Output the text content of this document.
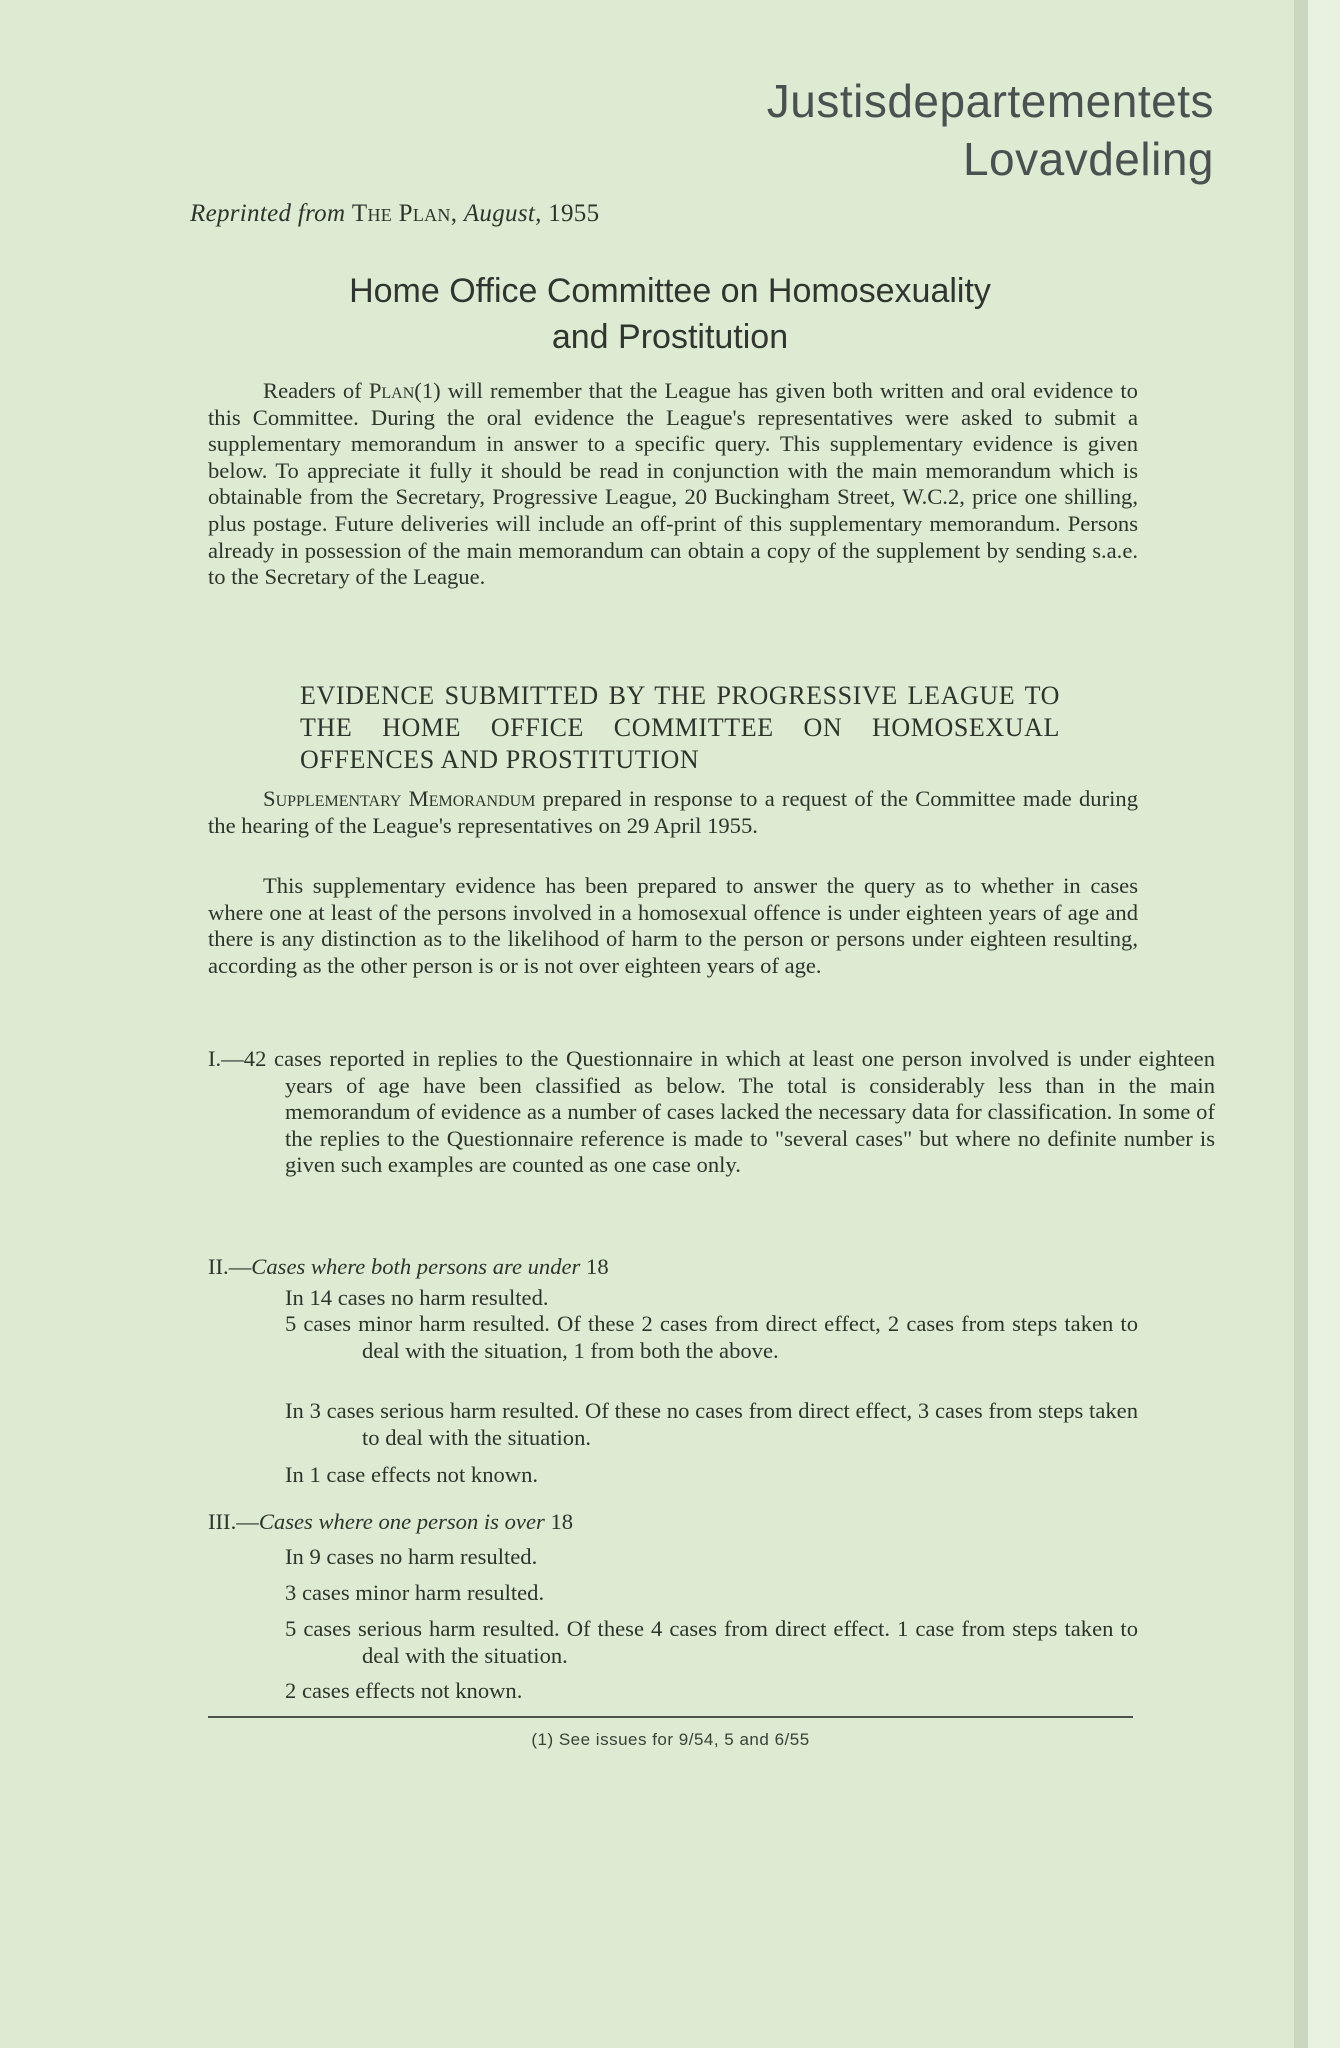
Justisdepartementets
Lovavdeling
Reprinted from The Plan, August, 1955
Home Office Committee on Homosexuality
and Prostitution

Readers of Plan(1) will remember that the League has given both written and oral evidence to this Committee. During the oral evidence the League's representatives were asked to submit a supplementary memorandum in answer to a specific query. This supplementary evidence is given below. To appreciate it fully it should be read in conjunction with the main memorandum which is obtainable from the Secretary, Progressive League, 20 Buckingham Street, W.C.2, price one shilling, plus postage. Future deliveries will include an off-print of this supplementary memorandum. Persons already in possession of the main memorandum can obtain a copy of the supplement by sending s.a.e. to the Secretary of the League.

EVIDENCE SUBMITTED BY THE PROGRESSIVE LEAGUE TO THE HOME OFFICE COMMITTEE ON HOMOSEXUAL OFFENCES AND PROSTITUTION

Supplementary Memorandum prepared in response to a request of the Committee made during the hearing of the League's representatives on 29 April 1955.

This supplementary evidence has been prepared to answer the query as to whether in cases where one at least of the persons involved in a homosexual offence is under eighteen years of age and there is any distinction as to the likelihood of harm to the person or persons under eighteen resulting, according as the other person is or is not over eighteen years of age.

I.—42 cases reported in replies to the Questionnaire in which at least one person involved is under eighteen years of age have been classified as below. The total is considerably less than in the main memorandum of evidence as a number of cases lacked the necessary data for classification. In some of the replies to the Questionnaire reference is made to "several cases" but where no definite number is given such examples are counted as one case only.
II.—Cases where both persons are under 18
In 14 cases no harm resulted.
5 cases minor harm resulted. Of these 2 cases from direct effect, 2 cases from steps taken to deal with the situation, 1 from both the above.
In 3 cases serious harm resulted. Of these no cases from direct effect, 3 cases from steps taken to deal with the situation.
In 1 case effects not known.
III.—Cases where one person is over 18
In 9 cases no harm resulted.
3 cases minor harm resulted.
5 cases serious harm resulted. Of these 4 cases from direct effect. 1 case from steps taken to deal with the situation.
2 cases effects not known.
(1) See issues for 9/54, 5 and 6/55
